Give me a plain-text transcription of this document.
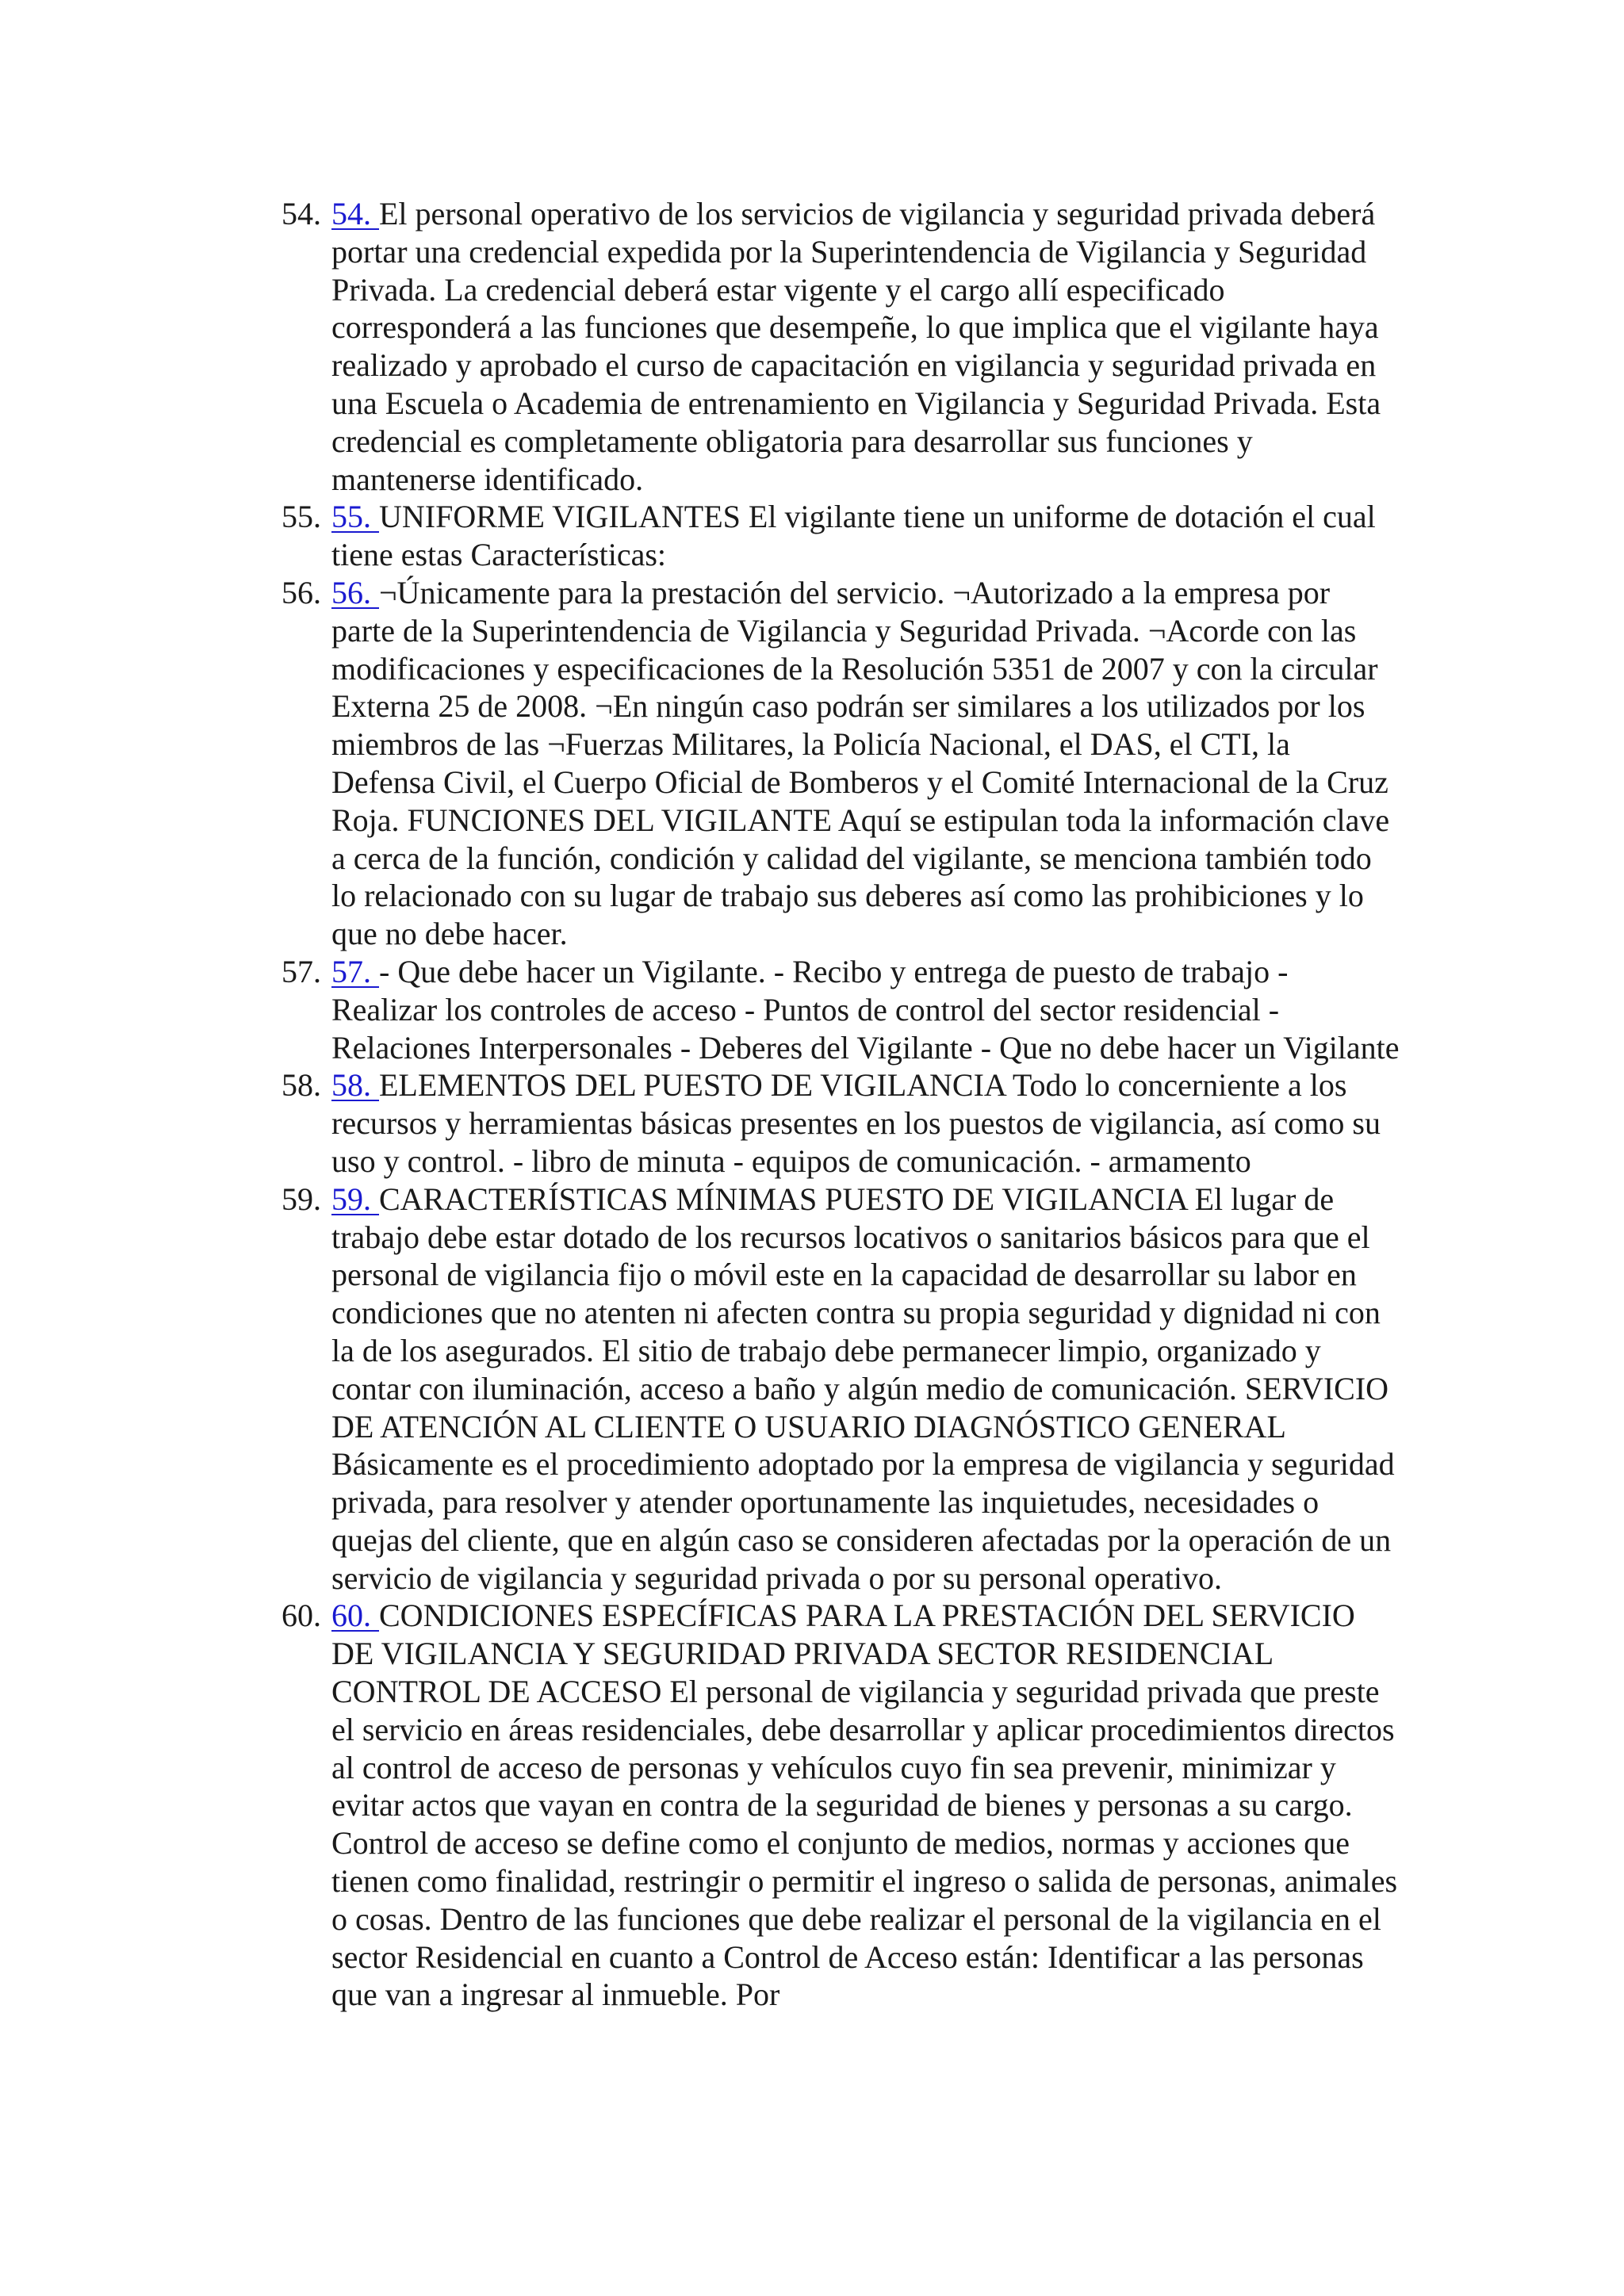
54. 54. El personal operativo de los servicios de vigilancia y seguridad privada deberá portar una credencial expedida por la Superintendencia de Vigilancia y Seguridad Privada. La credencial deberá estar vigente y el cargo allí especificado corresponderá a las funciones que desempeñe, lo que implica que el vigilante haya realizado y aprobado el curso de capacitación en vigilancia y seguridad privada en una Escuela o Academia de entrenamiento en Vigilancia y Seguridad Privada. Esta credencial es completamente obligatoria para desarrollar sus funciones y mantenerse identificado.
55. 55. UNIFORME VIGILANTES El vigilante tiene un uniforme de dotación el cual tiene estas Características:
56. 56. ¬Únicamente para la prestación del servicio. ¬Autorizado a la empresa por parte de la Superintendencia de Vigilancia y Seguridad Privada. ¬Acorde con las modificaciones y especificaciones de la Resolución 5351 de 2007 y con la circular Externa 25 de 2008. ¬En ningún caso podrán ser similares a los utilizados por los miembros de las ¬Fuerzas Militares, la Policía Nacional, el DAS, el CTI, la Defensa Civil, el Cuerpo Oficial de Bomberos y el Comité Internacional de la Cruz Roja. FUNCIONES DEL VIGILANTE Aquí se estipulan toda la información clave a cerca de la función, condición y calidad del vigilante, se menciona también todo lo relacionado con su lugar de trabajo sus deberes así como las prohibiciones y lo que no debe hacer.
57. 57. - Que debe hacer un Vigilante. - Recibo y entrega de puesto de trabajo - Realizar los controles de acceso - Puntos de control del sector residencial - Relaciones Interpersonales - Deberes del Vigilante - Que no debe hacer un Vigilante
58. 58. ELEMENTOS DEL PUESTO DE VIGILANCIA Todo lo concerniente a los recursos y herramientas básicas presentes en los puestos de vigilancia, así como su uso y control. - libro de minuta - equipos de comunicación. - armamento
59. 59. CARACTERÍSTICAS MÍNIMAS PUESTO DE VIGILANCIA El lugar de trabajo debe estar dotado de los recursos locativos o sanitarios básicos para que el personal de vigilancia fijo o móvil este en la capacidad de desarrollar su labor en condiciones que no atenten ni afecten contra su propia seguridad y dignidad ni con la de los asegurados. El sitio de trabajo debe permanecer limpio, organizado y contar con iluminación, acceso a baño y algún medio de comunicación. SERVICIO DE ATENCIÓN AL CLIENTE O USUARIO DIAGNÓSTICO GENERAL Básicamente es el procedimiento adoptado por la empresa de vigilancia y seguridad privada, para resolver y atender oportunamente las inquietudes, necesidades o quejas del cliente, que en algún caso se consideren afectadas por la operación de un servicio de vigilancia y seguridad privada o por su personal operativo.
60. 60. CONDICIONES ESPECÍFICAS PARA LA PRESTACIÓN DEL SERVICIO DE VIGILANCIA Y SEGURIDAD PRIVADA SECTOR RESIDENCIAL CONTROL DE ACCESO El personal de vigilancia y seguridad privada que preste el servicio en áreas residenciales, debe desarrollar y aplicar procedimientos directos al control de acceso de personas y vehículos cuyo fin sea prevenir, minimizar y evitar actos que vayan en contra de la seguridad de bienes y personas a su cargo. Control de acceso se define como el conjunto de medios, normas y acciones que tienen como finalidad, restringir o permitir el ingreso o salida de personas, animales o cosas. Dentro de las funciones que debe realizar el personal de la vigilancia en el sector Residencial en cuanto a Control de Acceso están: Identificar a las personas que van a ingresar al inmueble. Por
